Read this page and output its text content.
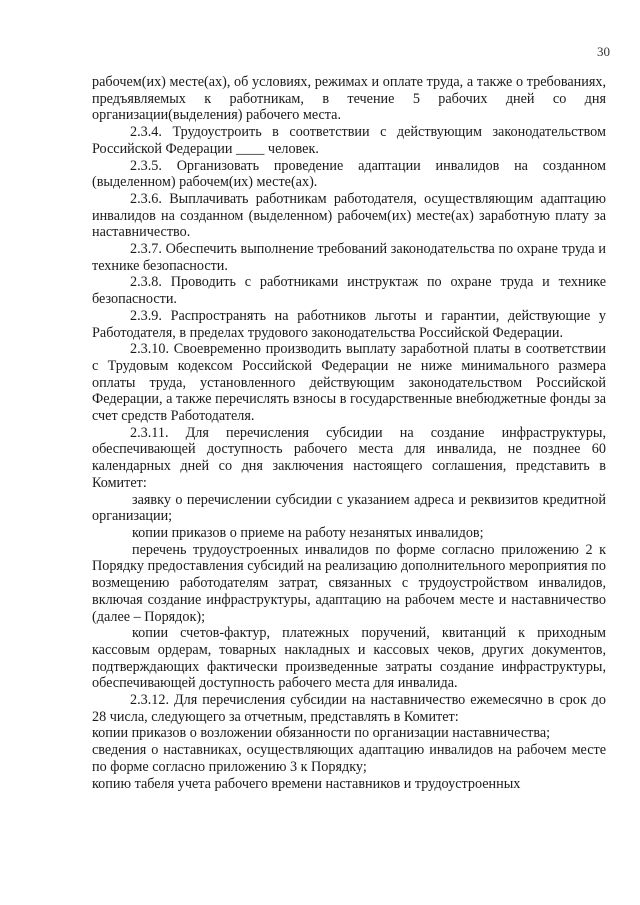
30

рабочем(их) месте(ах), об условиях, режимах и оплате труда, а также о требованиях, предъявляемых к работникам, в течение 5 рабочих дней со дня организации(выделения) рабочего места.

2.3.4. Трудоустроить в соответствии с действующим законодательством Российской Федерации ____ человек.

2.3.5. Организовать проведение адаптации инвалидов на созданном (выделенном) рабочем(их) месте(ах).

2.3.6. Выплачивать работникам работодателя, осуществляющим адаптацию инвалидов на созданном (выделенном) рабочем(их) месте(ах) заработную плату за наставничество.

2.3.7. Обеспечить выполнение требований законодательства по охране труда и технике безопасности.

2.3.8. Проводить с работниками инструктаж по охране труда и технике безопасности.

2.3.9. Распространять на работников льготы и гарантии, действующие у Работодателя, в пределах трудового законодательства Российской Федерации.

2.3.10. Своевременно производить выплату заработной платы в соответствии с Трудовым кодексом Российской Федерации не ниже минимального размера оплаты труда, установленного действующим законодательством Российской Федерации, а также перечислять взносы в государственные внебюджетные фонды за счет средств Работодателя.

2.3.11. Для перечисления субсидии на создание инфраструктуры, обеспечивающей доступность рабочего места для инвалида, не позднее 60 календарных дней со дня заключения настоящего соглашения, представить в Комитет:

заявку о перечислении субсидии с указанием адреса и реквизитов кредитной организации;

копии приказов о приеме на работу незанятых инвалидов;

перечень трудоустроенных инвалидов по форме согласно приложению 2 к Порядку предоставления субсидий на реализацию дополнительного мероприятия по возмещению работодателям затрат, связанных с трудоустройством инвалидов, включая создание инфраструктуры, адаптацию на рабочем месте и наставничество (далее – Порядок);

копии счетов-фактур, платежных поручений, квитанций к приходным кассовым ордерам, товарных накладных и кассовых чеков, других документов, подтверждающих фактически произведенные затраты создание инфраструктуры, обеспечивающей доступность рабочего места для инвалида.

2.3.12. Для перечисления субсидии на наставничество ежемесячно в срок до 28 числа, следующего за отчетным, представлять в Комитет:

копии приказов о возложении обязанности по организации наставничества;

сведения о наставниках, осуществляющих адаптацию инвалидов на рабочем месте по форме согласно приложению 3 к Порядку;

копию табеля учета рабочего времени наставников и трудоустроенных
